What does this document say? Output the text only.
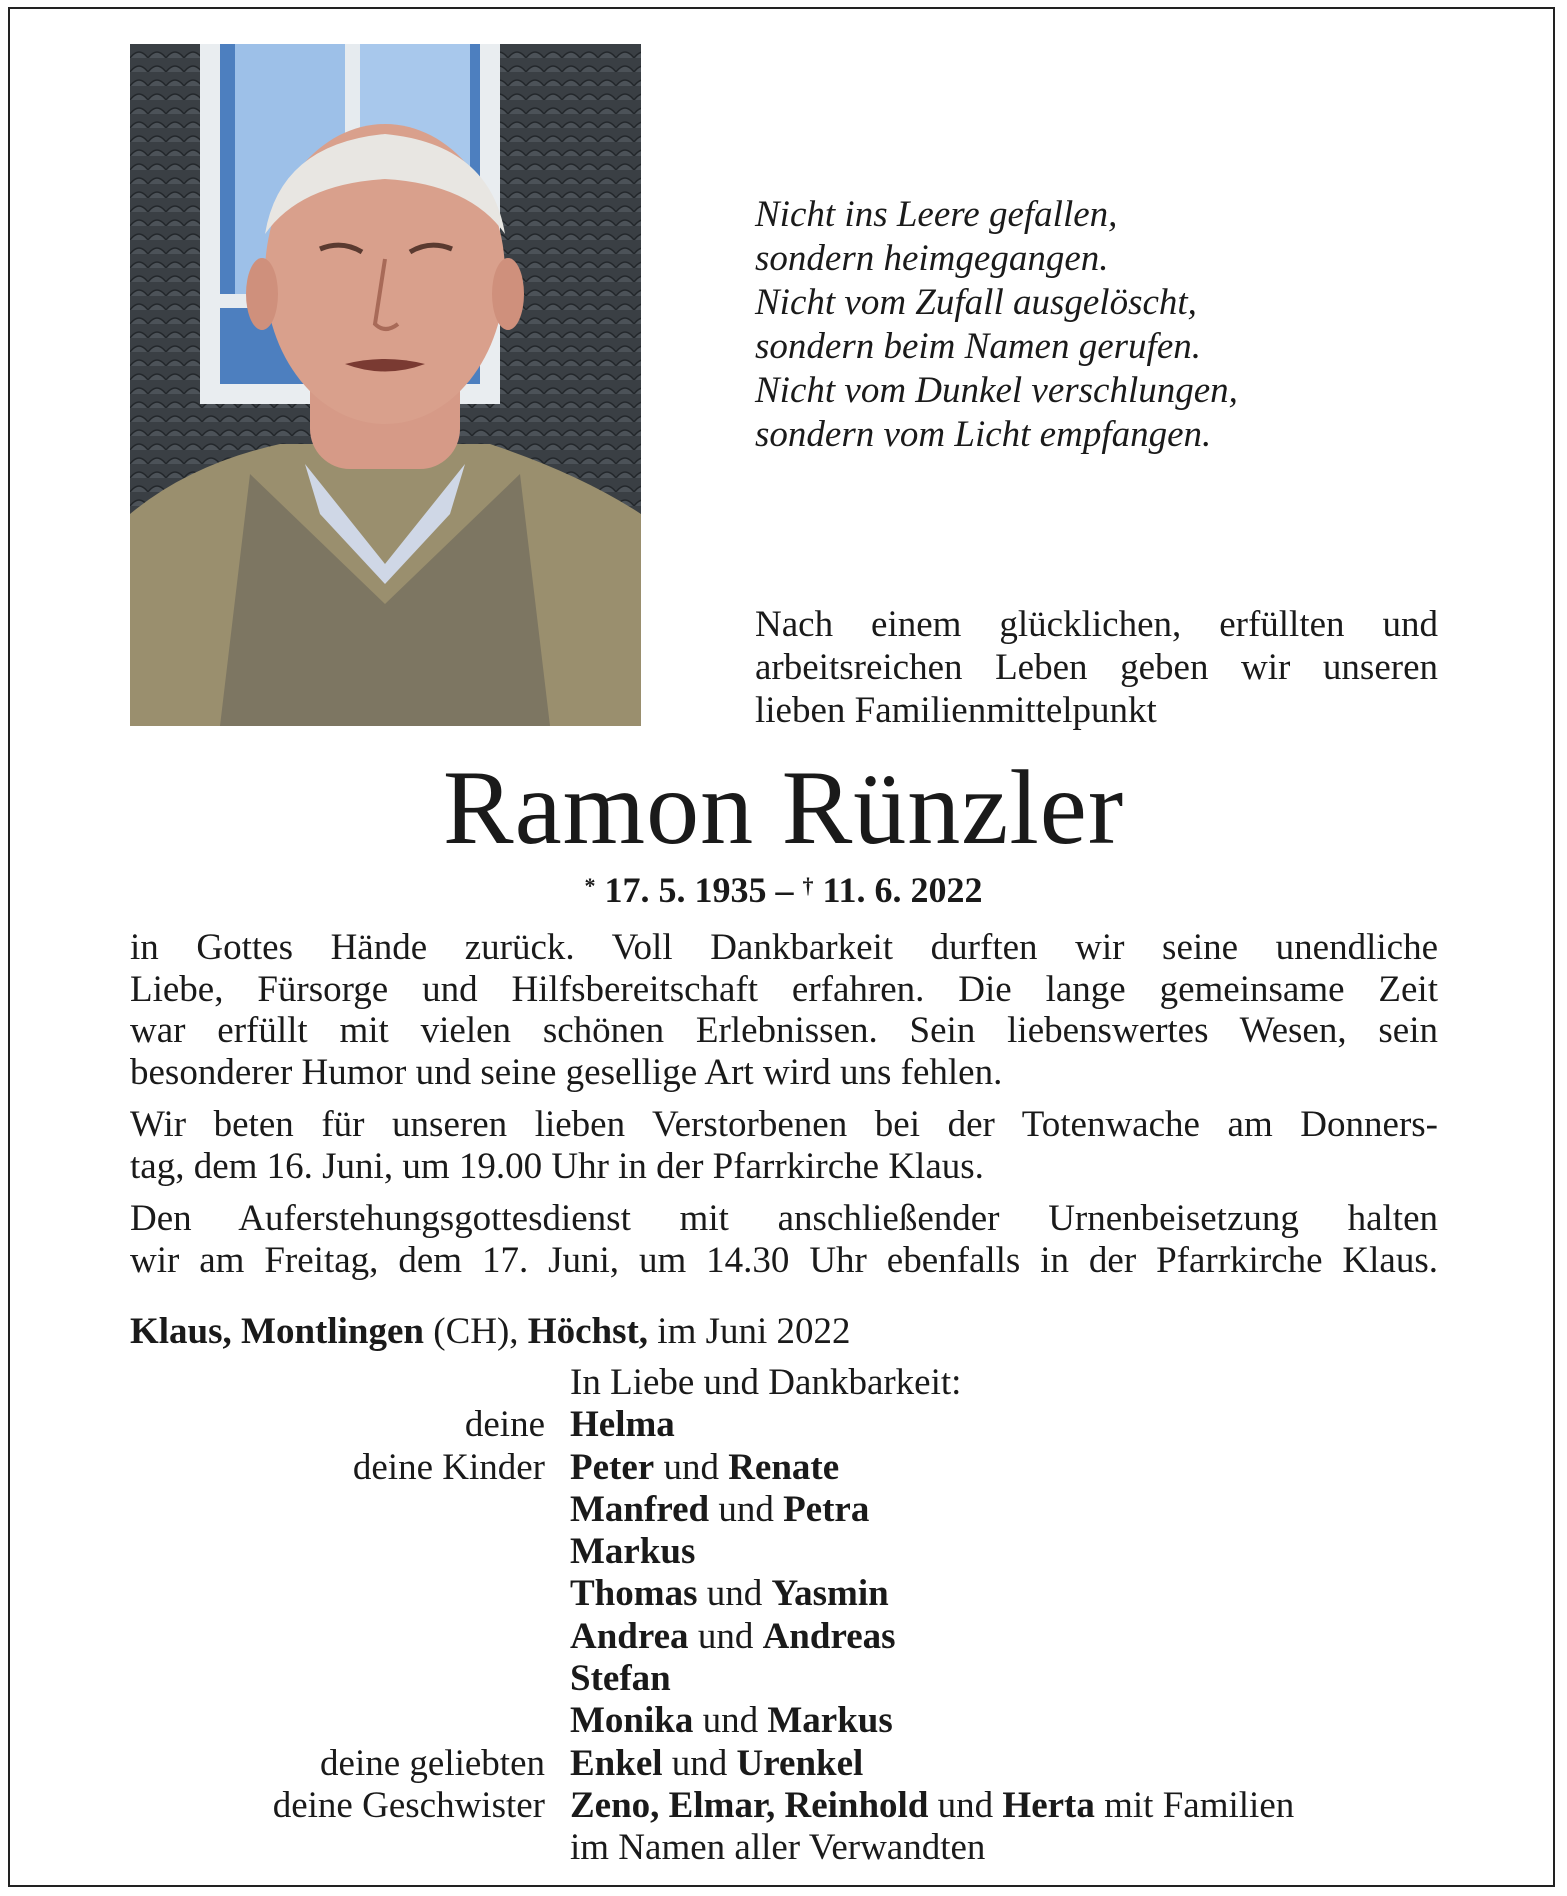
Nicht ins Leere gefallen,
sondern heimgegangen.
Nicht vom Zufall ausgelöscht,
sondern beim Namen gerufen.
Nicht vom Dunkel verschlungen,
sondern vom Licht empfangen.
Nach einem glücklichen, erfüllten und
arbeitsreichen Leben geben wir unseren
lieben Familienmittelpunkt
Ramon Rünzler
* 17. 5. 1935 – † 11. 6. 2022
in Gottes Hände zurück. Voll Dankbarkeit durften wir seine unendliche
Liebe, Fürsorge und Hilfsbereitschaft erfahren. Die lange gemeinsame Zeit
war erfüllt mit vielen schönen Erlebnissen. Sein liebenswertes Wesen, sein
besonderer Humor und seine gesellige Art wird uns fehlen.
Wir beten für unseren lieben Verstorbenen bei der Totenwache am Donners-
tag, dem 16. Juni, um 19.00 Uhr in der Pfarrkirche Klaus.
Den Auferstehungsgottesdienst mit anschließender Urnenbeisetzung halten
wir am Freitag, dem 17. Juni, um 14.30 Uhr ebenfalls in der Pfarrkirche Klaus.
Klaus, Montlingen (CH), Höchst, im Juni 2022
In Liebe und Dankbarkeit:
deine Helma
deine Kinder Peter und Renate
Manfred und Petra
Markus
Thomas und Yasmin
Andrea und Andreas
Stefan
Monika und Markus
deine geliebten Enkel und Urenkel
deine Geschwister Zeno, Elmar, Reinhold und Herta mit Familien
im Namen aller Verwandten
